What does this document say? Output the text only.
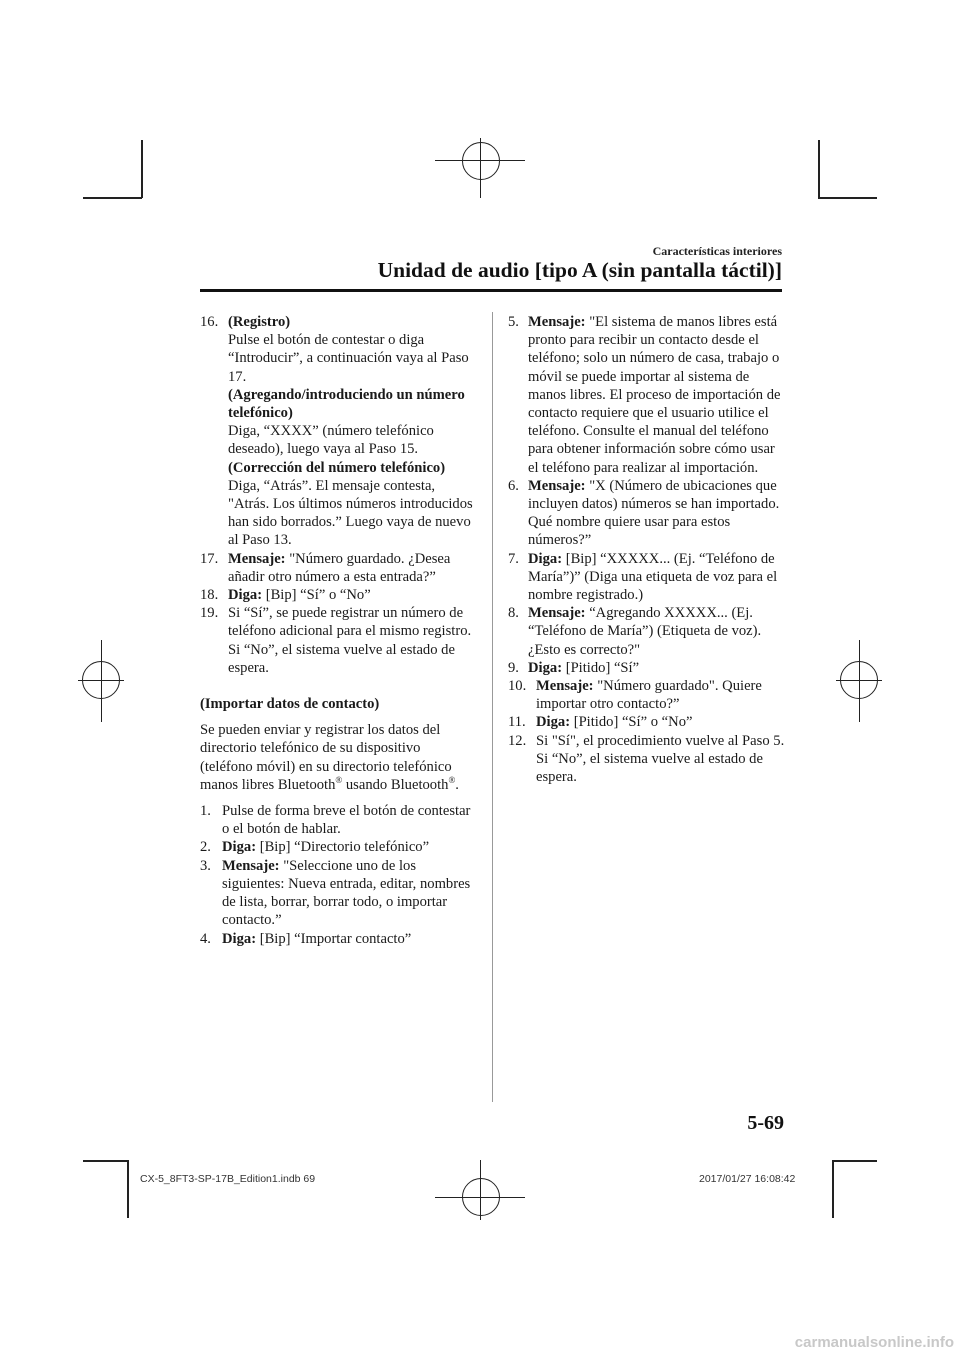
Características interiores
Unidad de audio [tipo A (sin pantalla táctil)]
16. (Registro)
Pulse el botón de contestar o diga “Introducir”, a continuación vaya al Paso 17.
(Agregando/introduciendo un número telefónico)
Diga, “XXXX” (número telefónico deseado), luego vaya al Paso 15.
(Corrección del número telefónico)
Diga, “Atrás”. El mensaje contesta, "Atrás. Los últimos números introducidos han sido borrados.” Luego vaya de nuevo al Paso 13.
17. Mensaje: "Número guardado. ¿Desea añadir otro número a esta entrada?”
18. Diga: [Bip] “Sí” o “No”
19. Si “Sí”, se puede registrar un número de teléfono adicional para el mismo registro.
Si “No”, el sistema vuelve al estado de espera.
(Importar datos de contacto)
Se pueden enviar y registrar los datos del directorio telefónico de su dispositivo (teléfono móvil) en su directorio telefónico manos libres Bluetooth® usando Bluetooth®.
1. Pulse de forma breve el botón de contestar o el botón de hablar.
2. Diga: [Bip] “Directorio telefónico”
3. Mensaje: "Seleccione uno de los siguientes: Nueva entrada, editar, nombres de lista, borrar, borrar todo, o importar contacto.”
4. Diga: [Bip] “Importar contacto”
5. Mensaje: "El sistema de manos libres está pronto para recibir un contacto desde el teléfono; solo un número de casa, trabajo o móvil se puede importar al sistema de manos libres. El proceso de importación de contacto requiere que el usuario utilice el teléfono. Consulte el manual del teléfono para obtener información sobre cómo usar el teléfono para realizar al importación.
6. Mensaje: "X (Número de ubicaciones que incluyen datos) números se han importado. Qué nombre quiere usar para estos números?”
7. Diga: [Bip] “XXXXX... (Ej. “Teléfono de María”)” (Diga una etiqueta de voz para el nombre registrado.)
8. Mensaje: “Agregando XXXXX... (Ej. “Teléfono de María”) (Etiqueta de voz). ¿Esto es correcto?"
9. Diga: [Pitido] “Sí”
10. Mensaje: "Número guardado". Quiere importar otro contacto?”
11. Diga: [Pitido] “Sí” o “No”
12. Si "Sí", el procedimiento vuelve al Paso 5.
Si “No”, el sistema vuelve al estado de espera.
5-69
CX-5_8FT3-SP-17B_Edition1.indb 69	2017/01/27 16:08:42
carmanualsonline.info
